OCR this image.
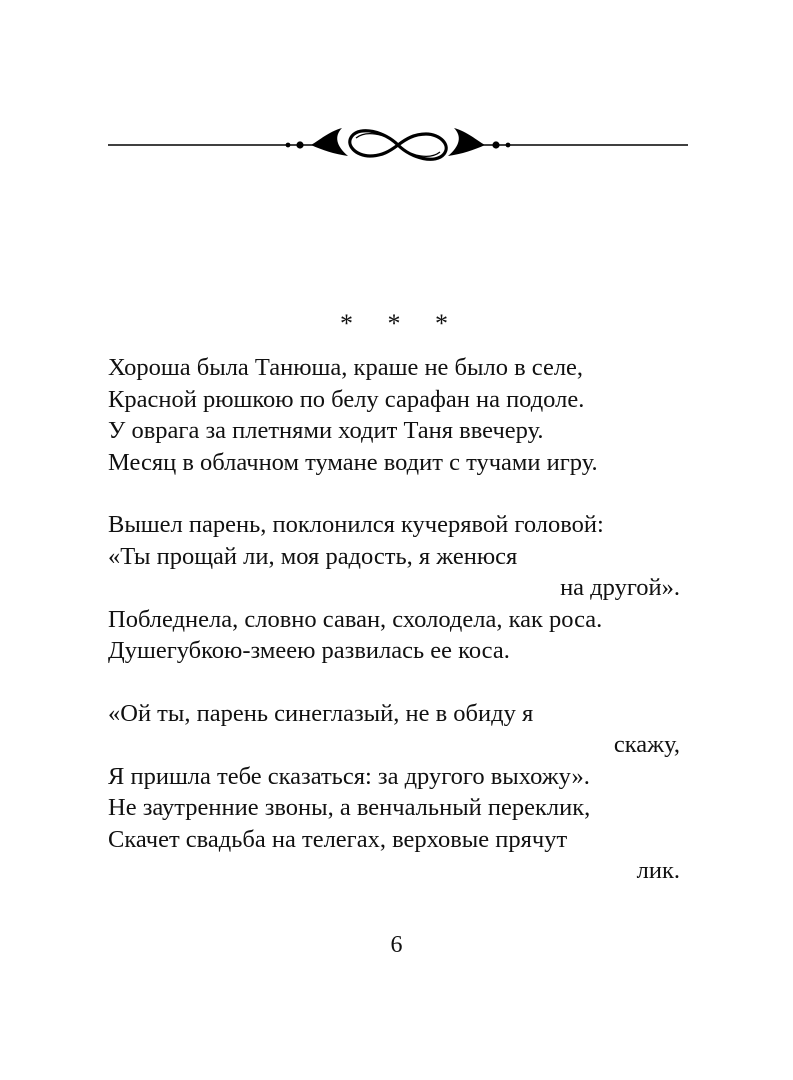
* * *
Хороша была Танюша, краше не было в селе,
Красной рюшкою по белу сарафан на подоле.
У оврага за плетнями ходит Таня ввечеру.
Месяц в облачном тумане водит с тучами игру.
Вышел парень, поклонился кучерявой головой:
«Ты прощай ли, моя радость, я женюся
на другой».
Побледнела, словно саван, схолодела, как роса.
Душегубкою-змеею развилась ее коса.
«Ой ты, парень синеглазый, не в обиду я
скажу,
Я пришла тебе сказаться: за другого выхожу».
Не заутренние звоны, а венчальный переклик,
Скачет свадьба на телегах, верховые прячут
лик.
6
